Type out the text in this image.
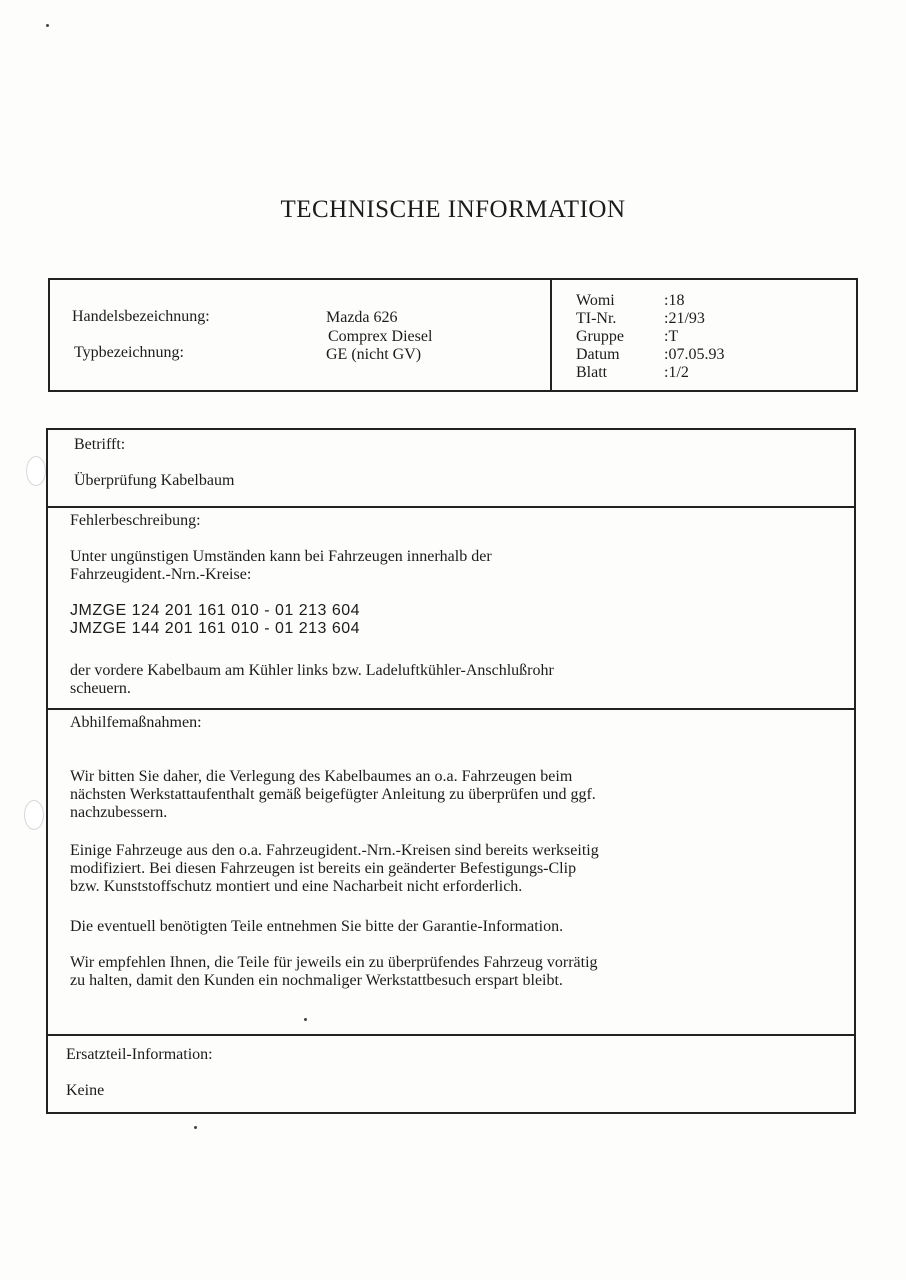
TECHNISCHE INFORMATION
Handelsbezeichnung:	Mazda 626
Comprex Diesel
Typbezeichnung:	GE (nicht GV)
Womi
TI-Nr.
Gruppe
Datum
Blatt
:18
:21/93
:T
:07.05.93
:1/2
Betrifft:
Überprüfung Kabelbaum
Fehlerbeschreibung:
Unter ungünstigen Umständen kann bei Fahrzeugen innerhalb der
Fahrzeugident.-Nrn.-Kreise:
JMZGE 124 201 161 010 - 01 213 604
JMZGE 144 201 161 010 - 01 213 604
der vordere Kabelbaum am Kühler links bzw. Ladeluftkühler-Anschlußrohr
scheuern.
Abhilfemaßnahmen:
Wir bitten Sie daher, die Verlegung des Kabelbaumes an o.a. Fahrzeugen beim
nächsten Werkstattaufenthalt gemäß beigefügter Anleitung zu überprüfen und ggf.
nachzubessern.
Einige Fahrzeuge aus den o.a. Fahrzeugident.-Nrn.-Kreisen sind bereits werkseitig
modifiziert. Bei diesen Fahrzeugen ist bereits ein geänderter Befestigungs-Clip
bzw. Kunststoffschutz montiert und eine Nacharbeit nicht erforderlich.
Die eventuell benötigten Teile entnehmen Sie bitte der Garantie-Information.
Wir empfehlen Ihnen, die Teile für jeweils ein zu überprüfendes Fahrzeug vorrätig
zu halten, damit den Kunden ein nochmaliger Werkstattbesuch erspart bleibt.
Ersatzteil-Information:
Keine
